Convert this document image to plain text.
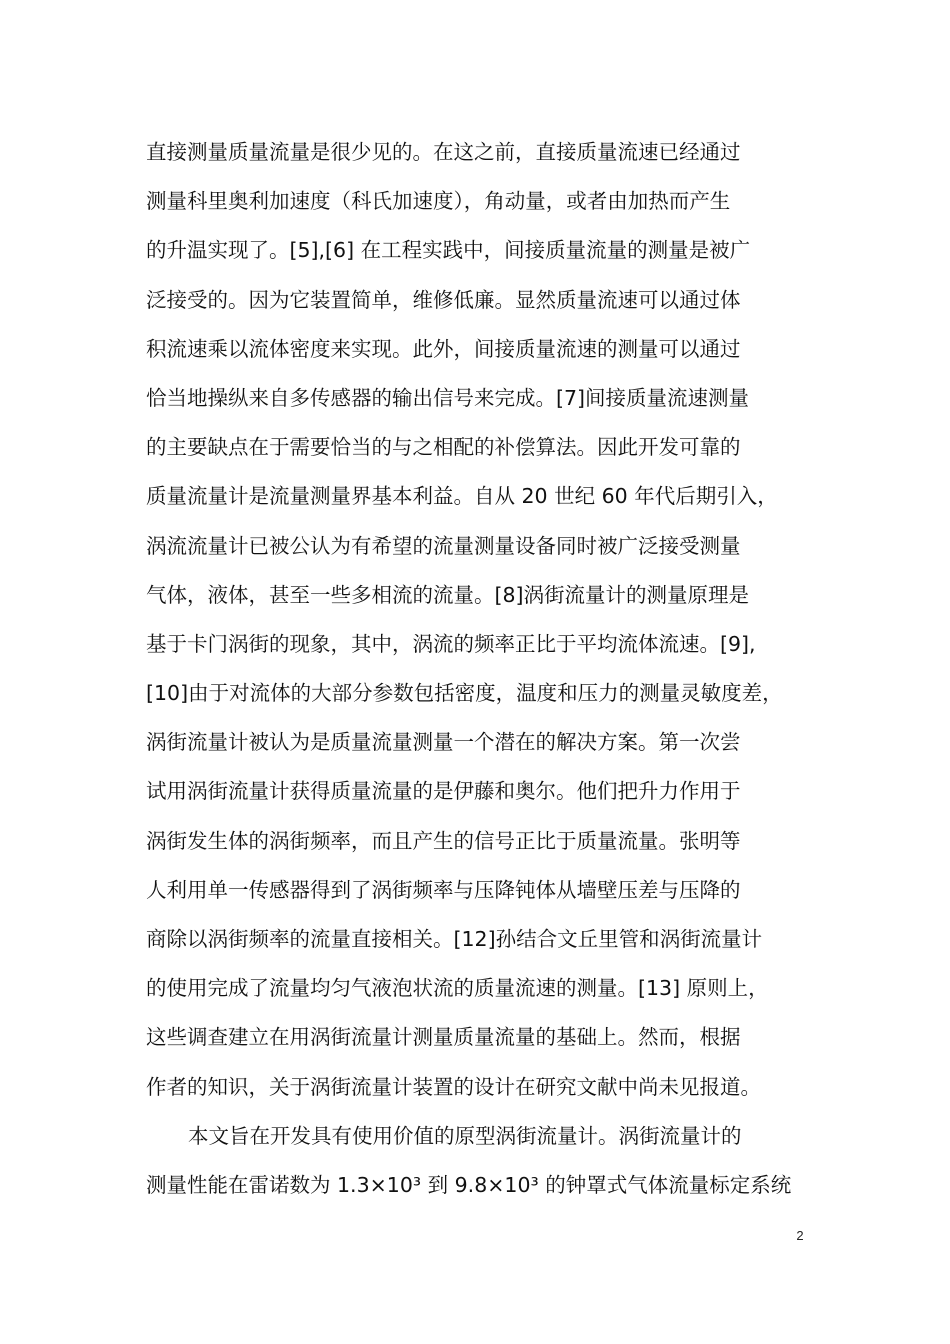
直接测量质量流量是很少见的。在这之前，直接质量流速已经通过
测量科里奥利加速度（科氏加速度），角动量，或者由加热而产生
的升温实现了。[5],[6] 在工程实践中，间接质量流量的测量是被广
泛接受的。因为它装置简单，维修低廉。显然质量流速可以通过体
积流速乘以流体密度来实现。此外，间接质量流速的测量可以通过
恰当地操纵来自多传感器的输出信号来完成。[7]间接质量流速测量
的主要缺点在于需要恰当的与之相配的补偿算法。因此开发可靠的
质量流量计是流量测量界基本利益。自从 20 世纪 60 年代后期引入，
涡流流量计已被公认为有希望的流量测量设备同时被广泛接受测量
气体，液体，甚至一些多相流的流量。[8]涡街流量计的测量原理是
基于卡门涡街的现象，其中，涡流的频率正比于平均流体流速。[9],
[10]由于对流体的大部分参数包括密度，温度和压力的测量灵敏度差，
涡街流量计被认为是质量流量测量一个潜在的解决方案。第一次尝
试用涡街流量计获得质量流量的是伊藤和奥尔。他们把升力作用于
涡街发生体的涡街频率，而且产生的信号正比于质量流量。张明等
人利用单一传感器得到了涡街频率与压降钝体从墙壁压差与压降的
商除以涡街频率的流量直接相关。[12]孙结合文丘里管和涡街流量计
的使用完成了流量均匀气液泡状流的质量流速的测量。[13] 原则上，
这些调查建立在用涡街流量计测量质量流量的基础上。然而，根据
作者的知识，关于涡街流量计装置的设计在研究文献中尚未见报道。
本文旨在开发具有使用价值的原型涡街流量计。涡街流量计的
测量性能在雷诺数为 1.3×10³ 到 9.8×10³ 的钟罩式气体流量标定系统
2
